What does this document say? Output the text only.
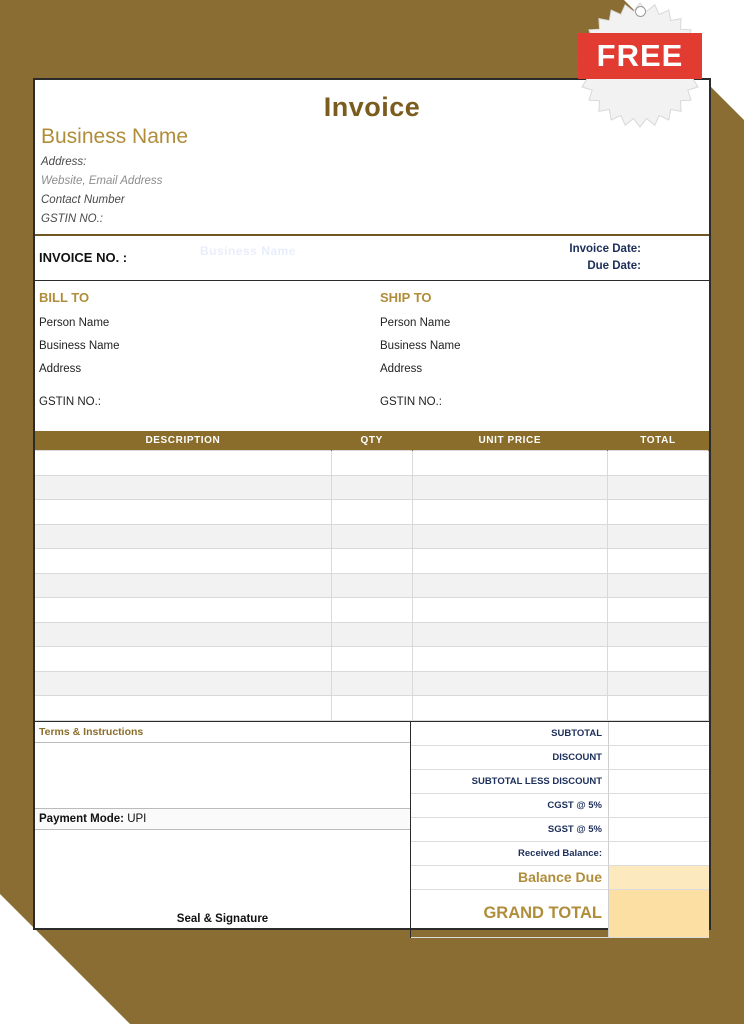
Invoice
Business Name
Address:
Website, Email Address
Contact Number
GSTIN NO.:
Business Name
INVOICE NO. :
Invoice Date:
Due Date:
BILL TO
Person Name
Business Name
Address
GSTIN NO.:
SHIP TO
Person Name
Business Name
Address
GSTIN NO.:
DESCRIPTION	QTY	UNIT PRICE	TOTAL

Terms & Instructions
Payment Mode: UPI
Seal & Signature
SUBTOTAL
DISCOUNT
SUBTOTAL LESS DISCOUNT
CGST @ 5%
SGST @ 5%
Received Balance:
Balance Due
GRAND TOTAL
FREE
